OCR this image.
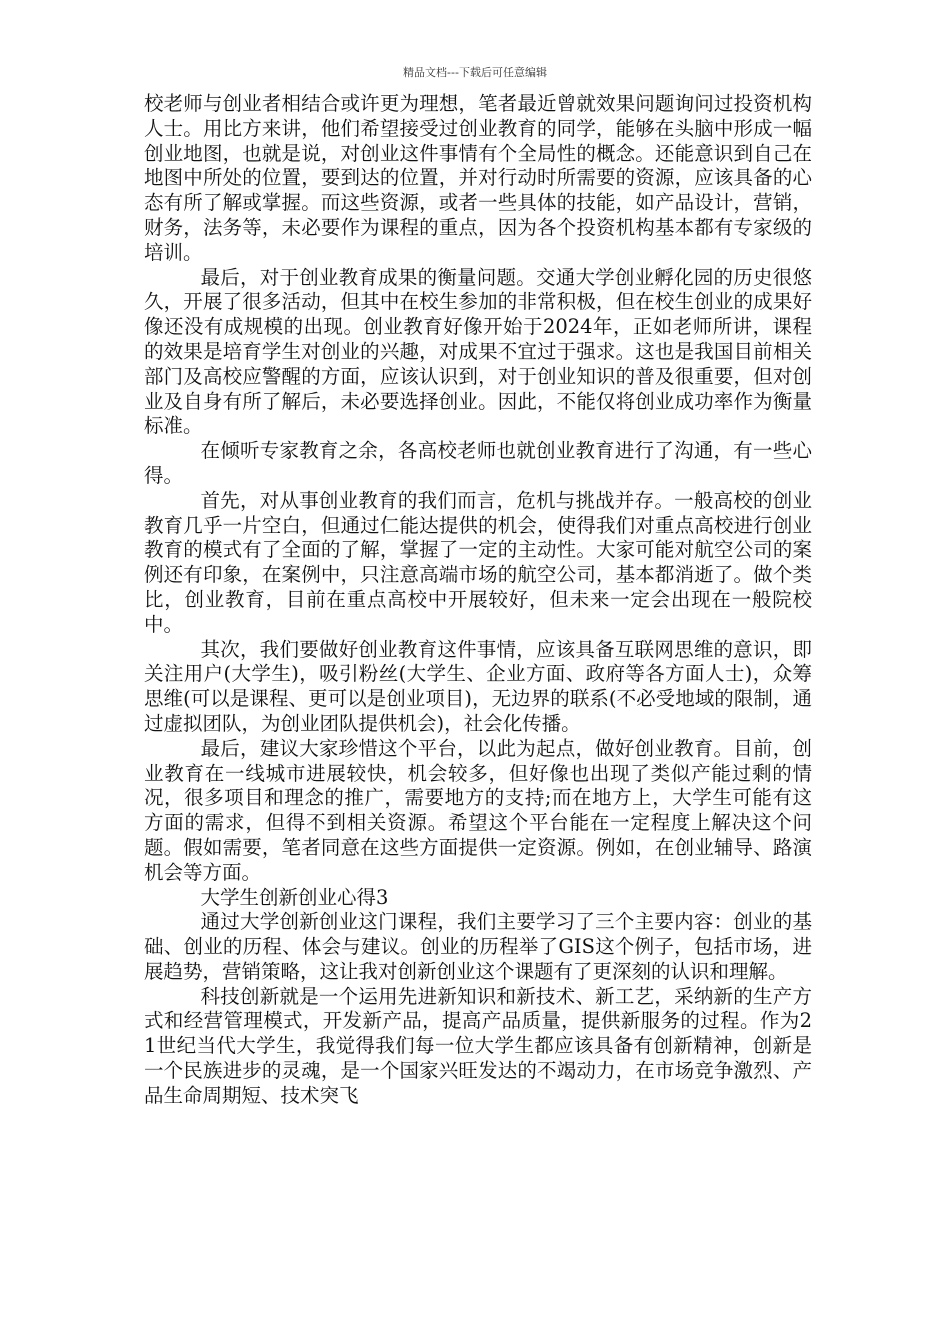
精品文档---下载后可任意编辑

校老师与创业者相结合或许更为理想，笔者最近曾就效果问题询问过投资机构人士。用比方来讲，他们希望接受过创业教育的同学，能够在头脑中形成一幅创业地图，也就是说，对创业这件事情有个全局性的概念。还能意识到自己在地图中所处的位置，要到达的位置，并对行动时所需要的资源，应该具备的心态有所了解或掌握。而这些资源，或者一些具体的技能，如产品设计，营销，财务，法务等，未必要作为课程的重点，因为各个投资机构基本都有专家级的培训。

最后，对于创业教育成果的衡量问题。交通大学创业孵化园的历史很悠久，开展了很多活动，但其中在校生参加的非常积极，但在校生创业的成果好像还没有成规模的出现。创业教育好像开始于2024年，正如老师所讲，课程的效果是培育学生对创业的兴趣，对成果不宜过于强求。这也是我国目前相关部门及高校应警醒的方面，应该认识到，对于创业知识的普及很重要，但对创业及自身有所了解后，未必要选择创业。因此，不能仅将创业成功率作为衡量标准。

在倾听专家教育之余，各高校老师也就创业教育进行了沟通，有一些心得。

首先，对从事创业教育的我们而言，危机与挑战并存。一般高校的创业教育几乎一片空白，但通过仁能达提供的机会，使得我们对重点高校进行创业教育的模式有了全面的了解，掌握了一定的主动性。大家可能对航空公司的案例还有印象，在案例中，只注意高端市场的航空公司，基本都消逝了。做个类比，创业教育，目前在重点高校中开展较好，但未来一定会出现在一般院校中。

其次，我们要做好创业教育这件事情，应该具备互联网思维的意识，即关注用户(大学生)，吸引粉丝(大学生、企业方面、政府等各方面人士)，众筹思维(可以是课程、更可以是创业项目)，无边界的联系(不必受地域的限制，通过虚拟团队，为创业团队提供机会)，社会化传播。

最后，建议大家珍惜这个平台，以此为起点，做好创业教育。目前，创业教育在一线城市进展较快，机会较多，但好像也出现了类似产能过剩的情况，很多项目和理念的推广，需要地方的支持;而在地方上，大学生可能有这方面的需求，但得不到相关资源。希望这个平台能在一定程度上解决这个问题。假如需要，笔者同意在这些方面提供一定资源。例如，在创业辅导、路演机会等方面。

大学生创新创业心得3

通过大学创新创业这门课程，我们主要学习了三个主要内容：创业的基础、创业的历程、体会与建议。创业的历程举了GIS这个例子，包括市场，进展趋势，营销策略，这让我对创新创业这个课题有了更深刻的认识和理解。

科技创新就是一个运用先进新知识和新技术、新工艺，采纳新的生产方式和经营管理模式，开发新产品，提高产品质量，提供新服务的过程。作为21世纪当代大学生，我觉得我们每一位大学生都应该具备有创新精神，创新是一个民族进步的灵魂，是一个国家兴旺发达的不竭动力，在市场竞争激烈、产品生命周期短、技术突飞
